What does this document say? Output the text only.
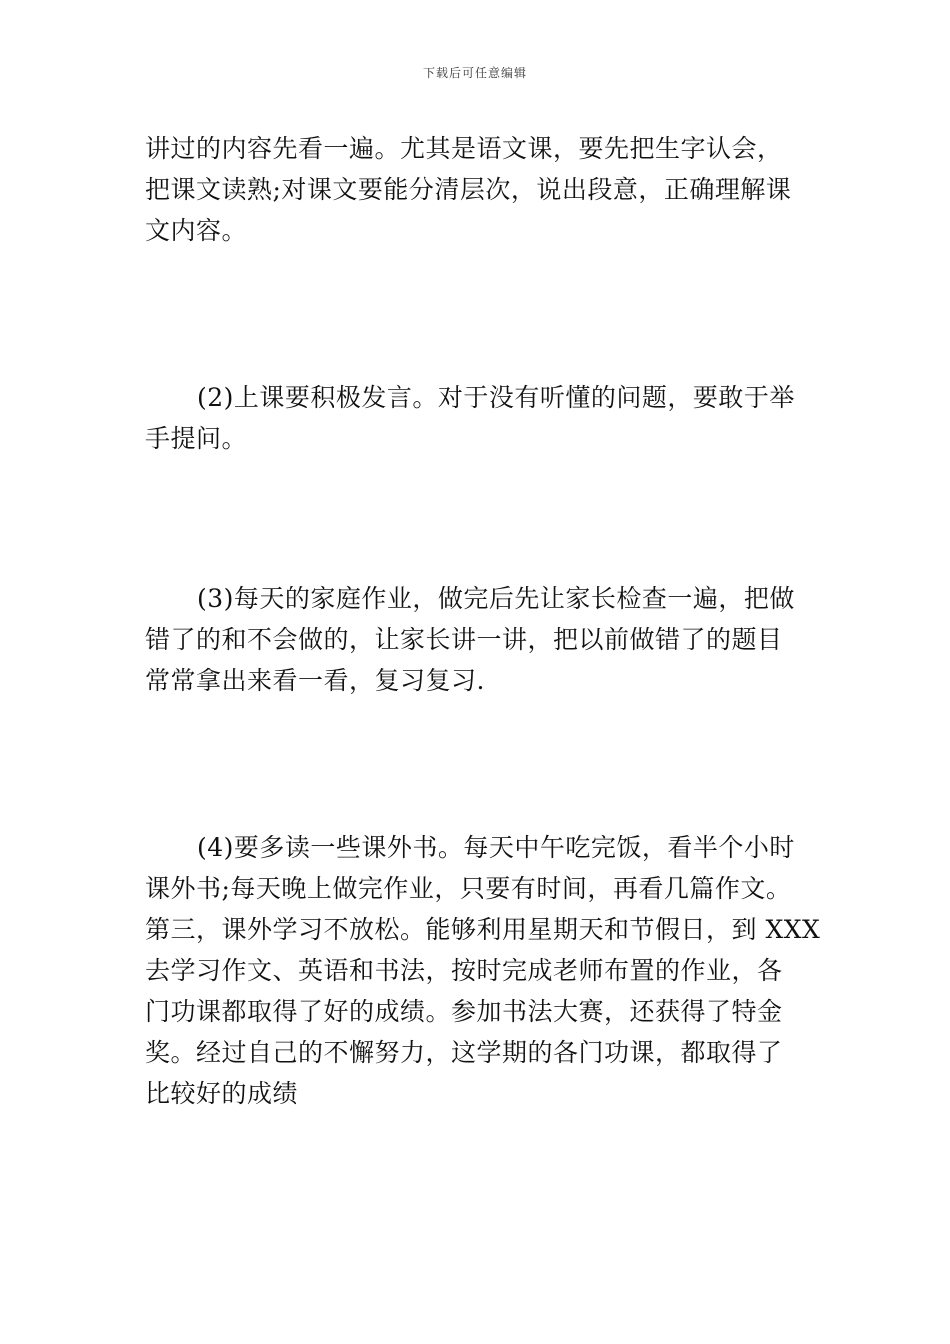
下载后可任意编辑
讲过的内容先看一遍。尤其是语文课，要先把生字认会，
把课文读熟;对课文要能分清层次，说出段意，正确理解课
文内容。
(2)上课要积极发言。对于没有听懂的问题，要敢于举
手提问。
(3)每天的家庭作业，做完后先让家长检查一遍，把做
错了的和不会做的，让家长讲一讲，把以前做错了的题目
常常拿出来看一看，复习复习.
(4)要多读一些课外书。每天中午吃完饭，看半个小时
课外书;每天晚上做完作业，只要有时间，再看几篇作文。
第三，课外学习不放松。能够利用星期天和节假日，到 XXX
去学习作文、英语和书法，按时完成老师布置的作业，各
门功课都取得了好的成绩。参加书法大赛，还获得了特金
奖。经过自己的不懈努力，这学期的各门功课，都取得了
比较好的成绩
